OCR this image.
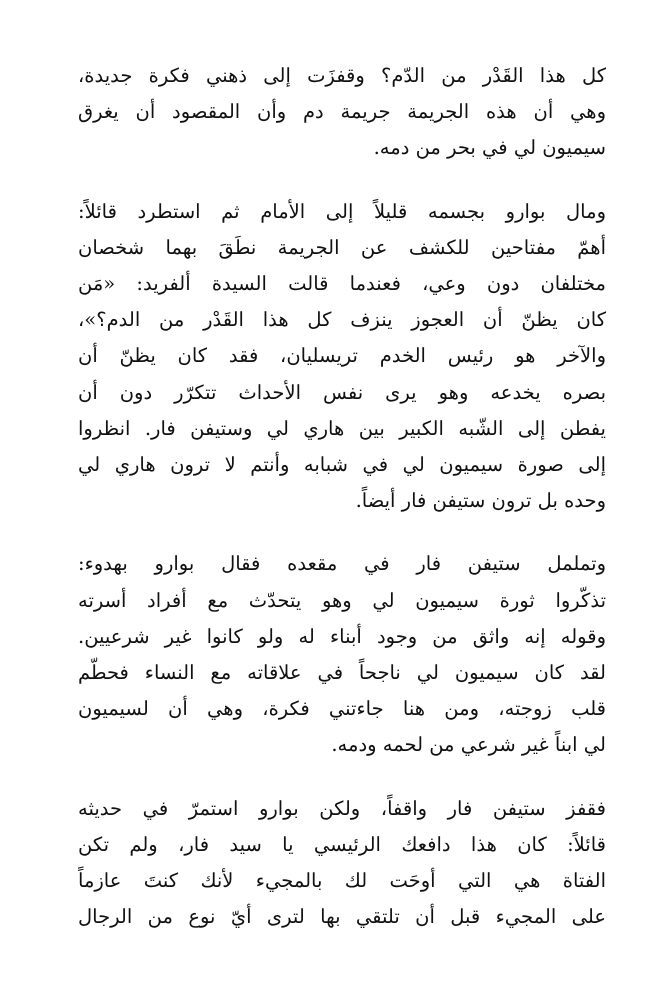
كل هذا القَدْر من الدّم؟ وقفزَت إلى ذهني فكرة جديدة،
وهي أن هذه الجريمة جريمة دم وأن المقصود أن يغرق
سيميون لي في بحر من دمه.

ومال بوارو بجسمه قليلاً إلى الأمام ثم استطرد قائلاً:
أهمّ مفتاحين للكشف عن الجريمة نطَقَ بهما شخصان
مختلفان دون وعي، فعندما قالت السيدة ألفريد: «مَن
كان يظنّ أن العجوز ينزف كل هذا القَدْر من الدم؟»،
والآخر هو رئيس الخدم تريسليان، فقد كان يظنّ أن
بصره يخدعه وهو يرى نفس الأحداث تتكرّر دون أن
يفطن إلى الشّبه الكبير بين هاري لي وستيفن فار. انظروا
إلى صورة سيميون لي في شبابه وأنتم لا ترون هاري لي
وحده بل ترون ستيفن فار أيضاً.

وتململ ستيفن فار في مقعده فقال بوارو بهدوء:
تذكّروا ثورة سيميون لي وهو يتحدّث مع أفراد أسرته
وقوله إنه واثق من وجود أبناء له ولو كانوا غير شرعيين.
لقد كان سيميون لي ناجحاً في علاقاته مع النساء فحطّم
قلب زوجته، ومن هنا جاءتني فكرة، وهي أن لسيميون
لي ابناً غير شرعي من لحمه ودمه.

فقفز ستيفن فار واقفاً، ولكن بوارو استمرّ في حديثه
قائلاً: كان هذا دافعك الرئيسي يا سيد فار، ولم تكن
الفتاة هي التي أوحَت لك بالمجيء لأنك كنتَ عازماً
على المجيء قبل أن تلتقي بها لترى أيّ نوع من الرجال
